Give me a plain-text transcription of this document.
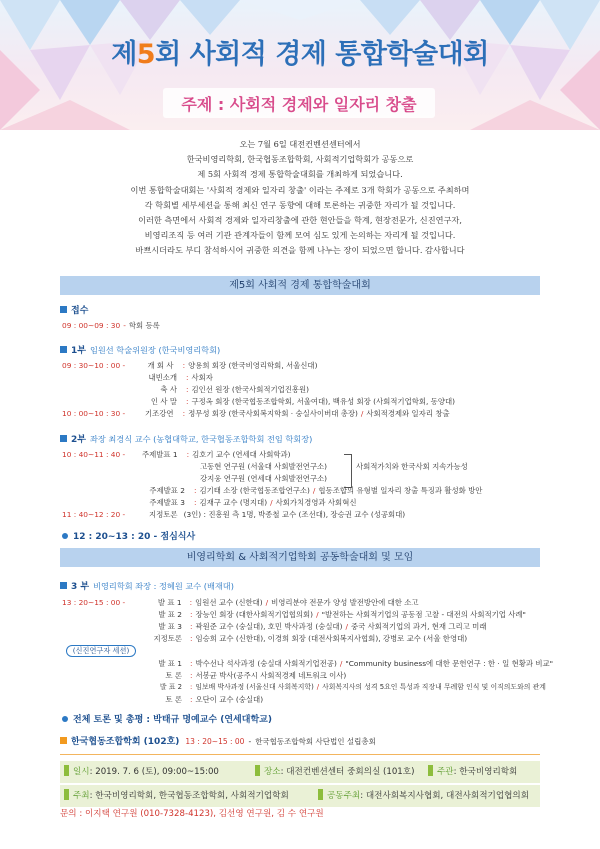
제5회 사회적 경제 통합학술대회
주제 : 사회적 경제와 일자리 창출
오는 7월 6일 대전컨벤션센터에서
한국비영리학회, 한국협동조합학회, 사회적기업학회가 공동으로
제 5회 사회적 경제 통합학술대회를 개최하게 되었습니다.
이번 통합학술대회는 '사회적 경제와 일자리 창출' 이라는 주제로 3개 학회가 공동으로 주최하며
각 학회별 세부세션을 통해 최신 연구 동향에 대해 토론하는 귀중한 자리가 될 것입니다.
이러한 측면에서 사회적 경제와 일자리창출에 관한 현안들을 학계, 현장전문가, 신진연구자,
비영리조직 등 여러 기관 관계자들이 함께 모여 심도 있게 논의하는 자리게 될 것입니다.
바쁘시더라도 부디 참석하시어 귀중한 의견을 함께 나누는 장이 되었으면 합니다. 감사합니다
제5회 사회적 경제 통합학술대회
접수
09 : 00~09 : 30 - 학회 등록
1부 임원선 학술위원장 (한국비영리학회)
09 : 30~10 : 00 -	개 회 사 : 양용희 회장 (한국비영리학회, 서울신대)
내빈소개 : 사회자
축 사 : 김인선 원장 (한국사회적기업진흥원)
인 사 말 : 구정옥 회장 (한국협동조합학회, 서울여대), 백유성 회장 (사회적기업학회, 동양대)
10 : 00~10 : 30 - 기조강연 : 정무성 회장 (한국사회복지학회 · 숭실사이버대 총장) / 사회적경제와 일자리 창출
2부 좌장 최경식 교수 (농협대학교, 한국협동조합학회 전임 학회장)
10 : 40~11 : 40 - 주제발표 1 : 김호기 교수 (연세대 사회학과)
고동현 연구원 (서울대 사회발전연구소)
강지웅 연구원 (연세대 사회발전연구소)
사회적가치와 한국사회 지속가능성
주제발표 2 : 김기태 소장 (한국협동조합연구소) / 협동조합의 유형별 일자리 창출 특징과 활성화 방안
주제발표 3 : 김재구 교수 (명지대) / 사회가치경영과 사회혁신
11 : 40~12 : 20 -	지정토론 (3인) : 진흥원 측 1명, 박종철 교수 (조선대), 장승권 교수 (성공회대)
12 : 20~13 : 20 - 점심식사
비영리학회 & 사회적기업학회 공동학술대회 및 모임
3 부 비영리학회 좌장 : 정혜원 교수 (배재대)
13 : 20~15 : 00 -	발 표 1 : 임원선 교수 (신한대) / 비영리분야 전문가 양성 발전방안에 대한 소고
발 표 2 : 장능인 회장 (대한사회적기업협의회) / "발전하는 사회적기업의 공동점 고찰 - 대전의 사회적기업 사례"
발 표 3 : 곽원준 교수 (숭실대), 호민 박사과정 (숭실대) / 중국 사회적기업의 과거, 현재 그리고 미래
지정토론 : 임승희 교수 (신한대), 이경희 회장 (대전사회복지사협회), 강병로 교수 (서울 한영대)
(신진연구자 세션)
발 표 1 : 박수선나 석사과정 (숭실대 사회적기업전공) / "Community business에 대한 문헌연구 : 한 · 일 현황과 비교"
토 론 : 서봉균 박사(공주시 사회적경제 네트워크 이사)
발 표 2 : 임보배 박사과정 (서울신대 사회복지학) / 사회복지사의 성격 5요인 특성과 직장내 무례함 인식 및 이직의도와의 관계
토 론 : 오단이 교수 (숭실대)
전체 토론 및 총평 : 박태규 명예교수 (연세대학교)
한국협동조합학회 (102호) 13 : 20~15 : 00 - 한국협동조합학회 사단법인 설립총회
일시: 2019. 7. 6 (토), 09:00~15:00	장소: 대전컨벤션센터 중회의실 (101호)	주관: 한국비영리학회
주최: 한국비영리학회, 한국협동조합학회, 사회적기업학회	공동주최: 대전사회복지사협회, 대전사회적기업협의회
문의 : 이지택 연구원 (010-7328-4123), 김선영 연구원, 김 수 연구원
